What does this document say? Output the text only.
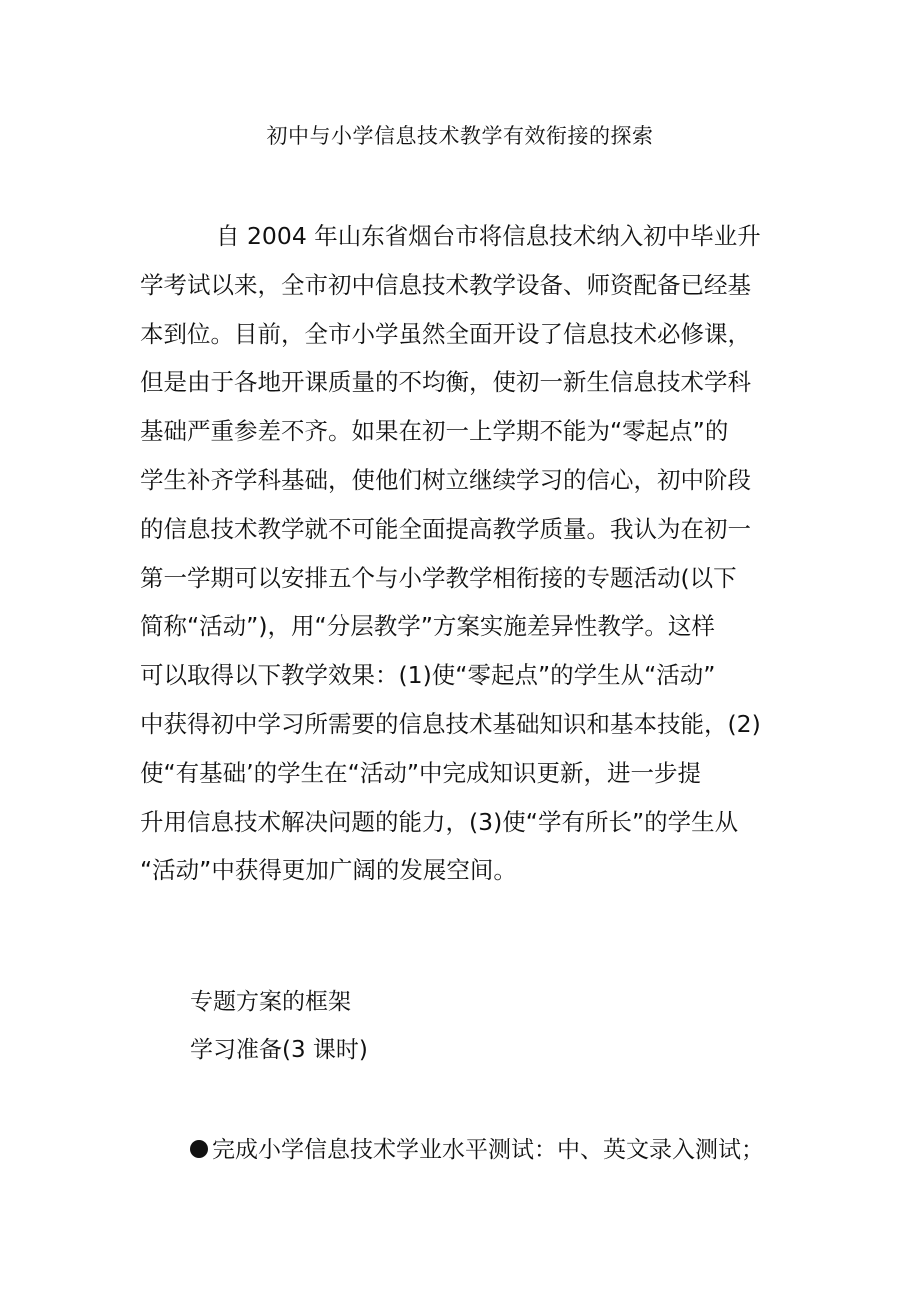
初中与小学信息技术教学有效衔接的探索
自 2004 年山东省烟台市将信息技术纳入初中毕业升
学考试以来，全市初中信息技术教学设备、师资配备已经基
本到位。目前，全市小学虽然全面开设了信息技术必修课，
但是由于各地开课质量的不均衡，使初一新生信息技术学科
基础严重参差不齐。如果在初一上学期不能为“零起点”的
学生补齐学科基础，使他们树立继续学习的信心，初中阶段
的信息技术教学就不可能全面提高教学质量。我认为在初一
第一学期可以安排五个与小学教学相衔接的专题活动(以下
简称“活动”)，用“分层教学”方案实施差异性教学。这样
可以取得以下教学效果：(1)使“零起点”的学生从“活动”
中获得初中学习所需要的信息技术基础知识和基本技能，(2)
使“有基础’的学生在“活动”中完成知识更新，进一步提
升用信息技术解决问题的能力，(3)使“学有所长”的学生从
“活动”中获得更加广阔的发展空间。
专题方案的框架
学习准备(3 课时)
完成小学信息技术学业水平测试：中、英文录入测试；
